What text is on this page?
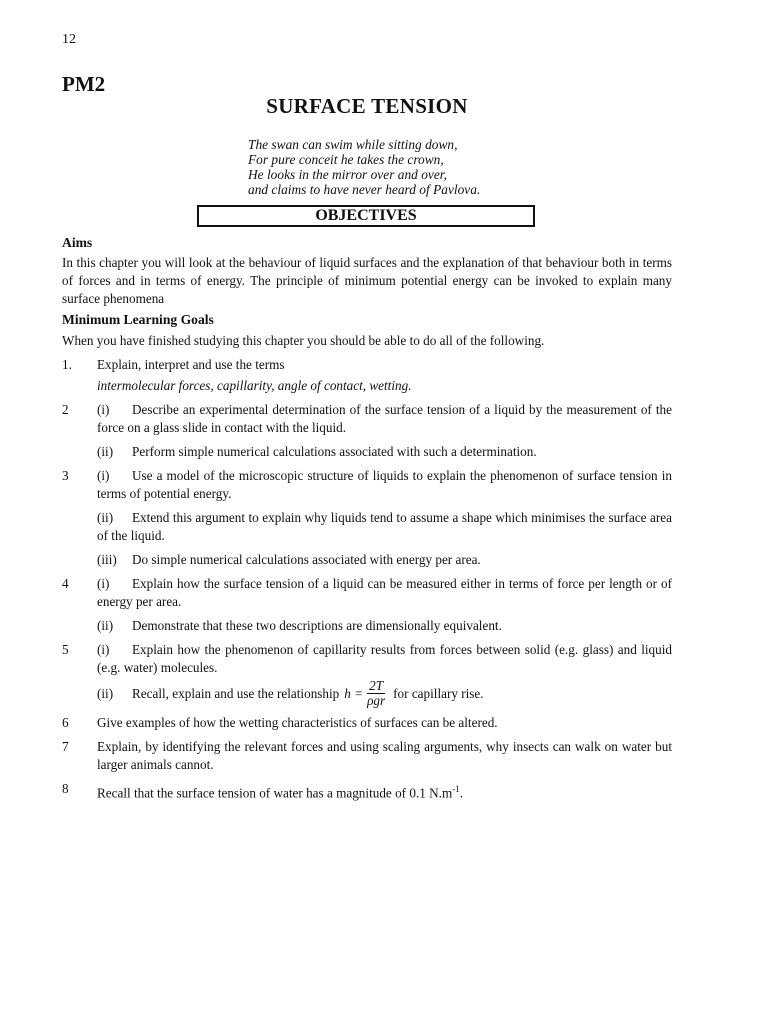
12
PM2
SURFACE TENSION
The swan can swim while sitting down,
For pure conceit he takes the crown,
He looks in the mirror over and over,
and claims to have never heard of Pavlova.
OBJECTIVES

Aims

In this chapter you will look at the behaviour of liquid surfaces and the explanation of that behaviour both in terms of forces and in terms of energy. The principle of minimum potential energy can be invoked to explain many surface phenomena

Minimum Learning Goals

When you have finished studying this chapter you should be able to do all of the following.

1. Explain, interpret and use the terms
intermolecular forces, capillarity, angle of contact, wetting.
2 (i) Describe an experimental determination of the surface tension of a liquid by the measurement of the force on a glass slide in contact with the liquid.
(ii) Perform simple numerical calculations associated with such a determination.
3 (i) Use a model of the microscopic structure of liquids to explain the phenomenon of surface tension in terms of potential energy.
(ii) Extend this argument to explain why liquids tend to assume a shape which minimises the surface area of the liquid.
(iii) Do simple numerical calculations associated with energy per area.
4 (i) Explain how the surface tension of a liquid can be measured either in terms of force per length or of energy per area.
(ii) Demonstrate that these two descriptions are dimensionally equivalent.
5 (i) Explain how the phenomenon of capillarity results from forces between solid (e.g. glass) and liquid (e.g. water) molecules.
(ii)	Recall, explain and use the relationship $h = \frac{2T}{\text{ρgr}}$ for capillary rise.
6 Give examples of how the wetting characteristics of surfaces can be altered.
7 Explain, by identifying the relevant forces and using scaling arguments, why insects can walk on water but larger animals cannot.
8 Recall that the surface tension of water has a magnitude of 0.1 $N.m^{-1}$.
